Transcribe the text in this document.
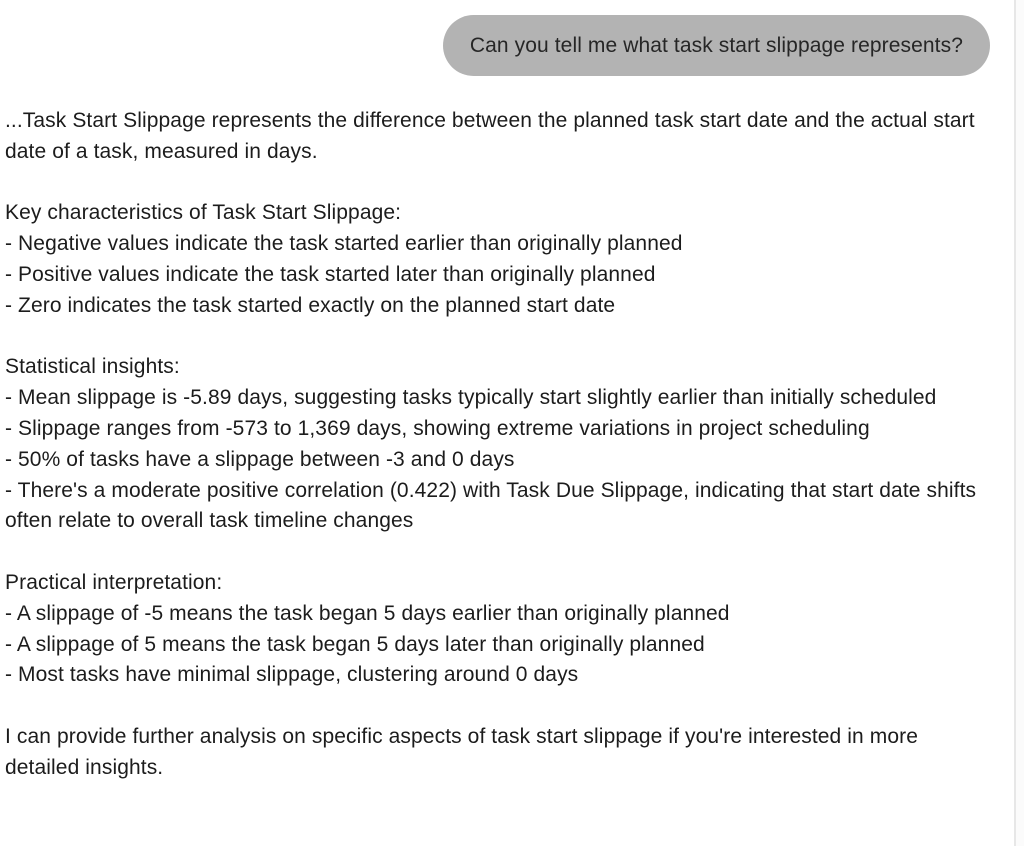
Can you tell me what task start slippage represents?
...Task Start Slippage represents the difference between the planned task start date and the actual start date of a task, measured in days.
Key characteristics of Task Start Slippage:
- Negative values indicate the task started earlier than originally planned
- Positive values indicate the task started later than originally planned
- Zero indicates the task started exactly on the planned start date
Statistical insights:
- Mean slippage is -5.89 days, suggesting tasks typically start slightly earlier than initially scheduled
- Slippage ranges from -573 to 1,369 days, showing extreme variations in project scheduling
- 50% of tasks have a slippage between -3 and 0 days
- There's a moderate positive correlation (0.422) with Task Due Slippage, indicating that start date shifts often relate to overall task timeline changes
Practical interpretation:
- A slippage of -5 means the task began 5 days earlier than originally planned
- A slippage of 5 means the task began 5 days later than originally planned
- Most tasks have minimal slippage, clustering around 0 days
I can provide further analysis on specific aspects of task start slippage if you're interested in more detailed insights.
